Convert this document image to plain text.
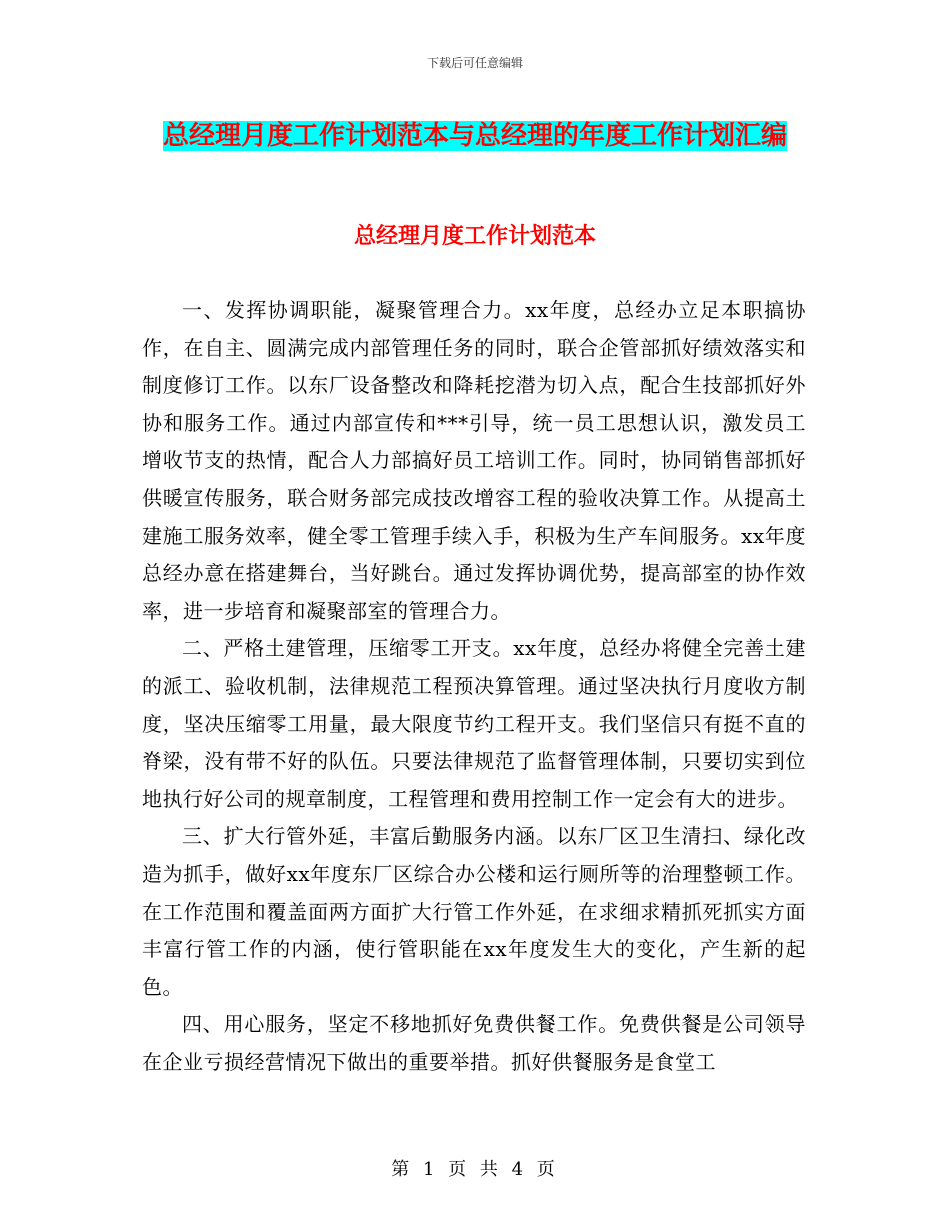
下载后可任意编辑
总经理月度工作计划范本与总经理的年度工作计划汇编
总经理月度工作计划范本

一、发挥协调职能，凝聚管理合力。xx年度，总经办立足本职搞协作，在自主、圆满完成内部管理任务的同时，联合企管部抓好绩效落实和制度修订工作。以东厂设备整改和降耗挖潜为切入点，配合生技部抓好外协和服务工作。通过内部宣传和***引导，统一员工思想认识，激发员工增收节支的热情，配合人力部搞好员工培训工作。同时，协同销售部抓好供暖宣传服务，联合财务部完成技改增容工程的验收决算工作。从提高土建施工服务效率，健全零工管理手续入手，积极为生产车间服务。xx年度总经办意在搭建舞台，当好跳台。通过发挥协调优势，提高部室的协作效率，进一步培育和凝聚部室的管理合力。

二、严格土建管理，压缩零工开支。xx年度，总经办将健全完善土建的派工、验收机制，法律规范工程预决算管理。通过坚决执行月度收方制度，坚决压缩零工用量，最大限度节约工程开支。我们坚信只有挺不直的脊梁，没有带不好的队伍。只要法律规范了监督管理体制，只要切实到位地执行好公司的规章制度，工程管理和费用控制工作一定会有大的进步。

三、扩大行管外延，丰富后勤服务内涵。以东厂区卫生清扫、绿化改造为抓手，做好xx年度东厂区综合办公楼和运行厕所等的治理整顿工作。在工作范围和覆盖面两方面扩大行管工作外延，在求细求精抓死抓实方面丰富行管工作的内涵，使行管职能在xx年度发生大的变化，产生新的起色。

四、用心服务，坚定不移地抓好免费供餐工作。免费供餐是公司领导在企业亏损经营情况下做出的重要举措。抓好供餐服务是食堂工

第 1 页 共 4 页
